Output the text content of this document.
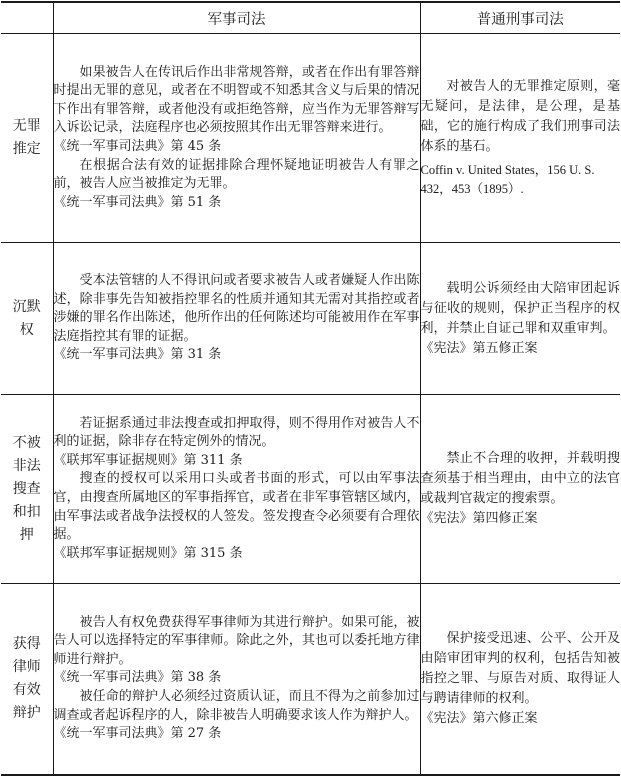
	军事司法	普通刑事司法
无罪推定	如果被告人在传讯后作出非常规答辩，或者在作出有罪答辩时提出无罪的意见，或者在不明智或不知悉其含义与后果的情况下作出有罪答辩，或者他没有或拒绝答辩，应当作为无罪答辩写入诉讼记录，法庭程序也必须按照其作出无罪答辩来进行。
《统一军事司法典》第 45 条
在根据合法有效的证据排除合理怀疑地证明被告人有罪之前，被告人应当被推定为无罪。
《统一军事司法典》第 51 条	对被告人的无罪推定原则，毫无疑问，是法律，是公理，是基础，它的施行构成了我们刑事司法体系的基石。
Coffin v. United States，156 U. S. 432，453（1895）.

沉默权	受本法管辖的人不得讯问或者要求被告人或者嫌疑人作出陈述，除非事先告知被指控罪名的性质并通知其无需对其指控或者涉嫌的罪名作出陈述，他所作出的任何陈述均可能被用作在军事法庭指控其有罪的证据。
《统一军事司法典》第 31 条	载明公诉须经由大陪审团起诉与征收的规则，保护正当程序的权利，并禁止自证己罪和双重审判。
《宪法》第五修正案

不被非法搜查和扣押	若证据系通过非法搜查或扣押取得，则不得用作对被告人不利的证据，除非存在特定例外的情况。
《联邦军事证据规则》第 311 条
搜查的授权可以采用口头或者书面的形式，可以由军事法官，由搜查所属地区的军事指挥官，或者在非军事管辖区域内，由军事法或者战争法授权的人签发。签发搜查令必须要有合理依据。
《联邦军事证据规则》第 315 条	禁止不合理的收押，并载明搜查须基于相当理由，由中立的法官或裁判官裁定的搜索票。
《宪法》第四修正案

获得律师有效辩护	被告人有权免费获得军事律师为其进行辩护。如果可能，被告人可以选择特定的军事律师。除此之外，其也可以委托地方律师进行辩护。
《统一军事司法典》第 38 条
被任命的辩护人必须经过资质认证，而且不得为之前参加过调查或者起诉程序的人，除非被告人明确要求该人作为辩护人。
《统一军事司法典》第 27 条	保护接受迅速、公平、公开及由陪审团审判的权利，包括告知被指控之罪、与原告对质、取得证人与聘请律师的权利。
《宪法》第六修正案
